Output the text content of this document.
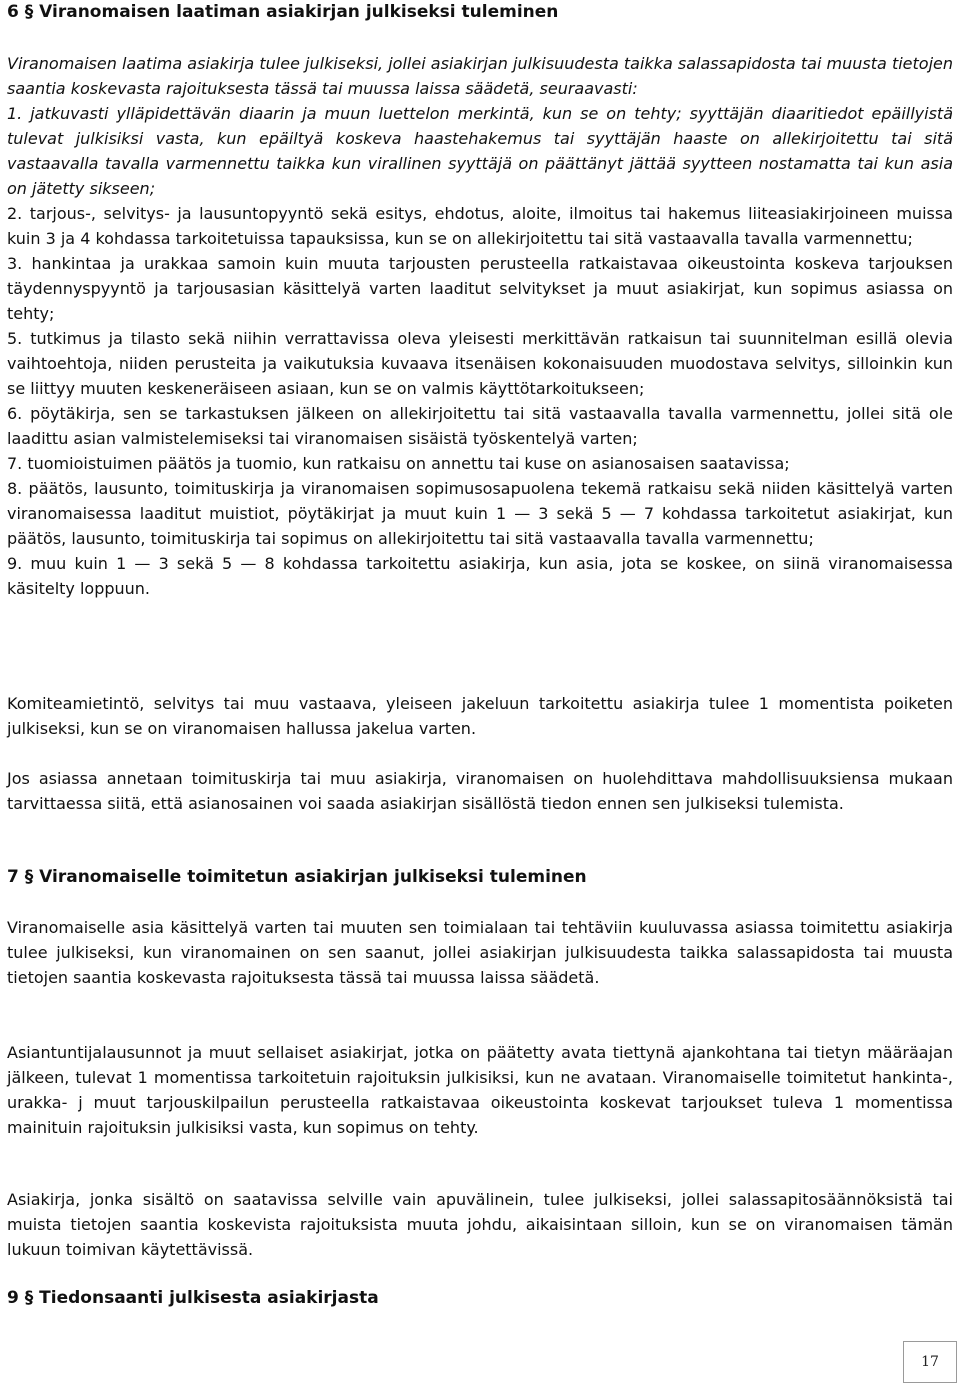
6 § Viranomaisen laatiman asiakirjan julkiseksi tuleminen

Viranomaisen laatima asiakirja tulee julkiseksi, jollei asiakirjan julkisuudesta taikka salassapidosta tai muusta tietojen saantia koskevasta rajoituksesta tässä tai muussa laissa säädetä, seuraavasti:

1. jatkuvasti ylläpidettävän diaarin ja muun luettelon merkintä, kun se on tehty; syyttäjän diaaritiedot epäillyistä tulevat julkisiksi vasta, kun epäiltyä koskeva haastehakemus tai syyttäjän haaste on allekirjoitettu tai sitä vastaavalla tavalla varmennettu taikka kun virallinen syyttäjä on päättänyt jättää syytteen nostamatta tai kun asia on jätetty sikseen;
2. tarjous-, selvitys- ja lausuntopyyntö sekä esitys, ehdotus, aloite, ilmoitus tai hakemus liiteasiakirjoineen muissa kuin 3 ja 4 kohdassa tarkoitetuissa tapauksissa, kun se on allekirjoitettu tai sitä vastaavalla tavalla varmennettu;
3. hankintaa ja urakkaa samoin kuin muuta tarjousten perusteella ratkaistavaa oikeustointa koskeva tarjouksen täydennyspyyntö ja tarjousasian käsittelyä varten laaditut selvitykset ja muut asiakirjat, kun sopimus asiassa on tehty;
5. tutkimus ja tilasto sekä niihin verrattavissa oleva yleisesti merkittävän ratkaisun tai suunnitelman esillä olevia vaihtoehtoja, niiden perusteita ja vaikutuksia kuvaava itsenäisen kokonaisuuden muodostava selvitys, silloinkin kun se liittyy muuten keskeneräiseen asiaan, kun se on valmis käyttötarkoitukseen;
6. pöytäkirja, sen se tarkastuksen jälkeen on allekirjoitettu tai sitä vastaavalla tavalla varmennettu, jollei sitä ole laadittu asian valmistelemiseksi tai viranomaisen sisäistä työskentelyä varten;
7. tuomioistuimen päätös ja tuomio, kun ratkaisu on annettu tai kuse on asianosaisen saatavissa;
8. päätös, lausunto, toimituskirja ja viranomaisen sopimusosapuolena tekemä ratkaisu sekä niiden käsittelyä varten viranomaisessa laaditut muistiot, pöytäkirjat ja muut kuin 1 — 3 sekä 5 — 7 kohdassa tarkoitetut asiakirjat, kun päätös, lausunto, toimituskirja tai sopimus on allekirjoitettu tai sitä vastaavalla tavalla varmennettu;
9. muu kuin 1 — 3 sekä 5 — 8 kohdassa tarkoitettu asiakirja, kun asia, jota se koskee, on siinä viranomaisessa käsitelty loppuun.

Komiteamietintö, selvitys tai muu vastaava, yleiseen jakeluun tarkoitettu asiakirja tulee 1 momentista poiketen julkiseksi, kun se on viranomaisen hallussa jakelua varten.

Jos asiassa annetaan toimituskirja tai muu asiakirja, viranomaisen on huolehdittava mahdollisuuksiensa mukaan tarvittaessa siitä, että asianosainen voi saada asiakirjan sisällöstä tiedon ennen sen julkiseksi tulemista.

7 § Viranomaiselle toimitetun asiakirjan julkiseksi tuleminen

Viranomaiselle asia käsittelyä varten tai muuten sen toimialaan tai tehtäviin kuuluvassa asiassa toimitettu asiakirja tulee julkiseksi, kun viranomainen on sen saanut, jollei asiakirjan julkisuudesta taikka salassapidosta tai muusta tietojen saantia koskevasta rajoituksesta tässä tai muussa laissa säädetä.

Asiantuntijalausunnot ja muut sellaiset asiakirjat, jotka on päätetty avata tiettynä ajankohtana tai tietyn määräajan jälkeen, tulevat 1 momentissa tarkoitetuin rajoituksin julkisiksi, kun ne avataan. Viranomaiselle toimitetut hankinta-, urakka- j muut tarjouskilpailun perusteella ratkaistavaa oikeustointa koskevat tarjoukset tuleva 1 momentissa mainituin rajoituksin julkisiksi vasta, kun sopimus on tehty.

Asiakirja, jonka sisältö on saatavissa selville vain apuvälinein, tulee julkiseksi, jollei salassapitosäännöksistä tai muista tietojen saantia koskevista rajoituksista muuta johdu, aikaisintaan silloin, kun se on viranomaisen tämän lukuun toimivan käytettävissä.

9 § Tiedonsaanti julkisesta asiakirjasta
17
